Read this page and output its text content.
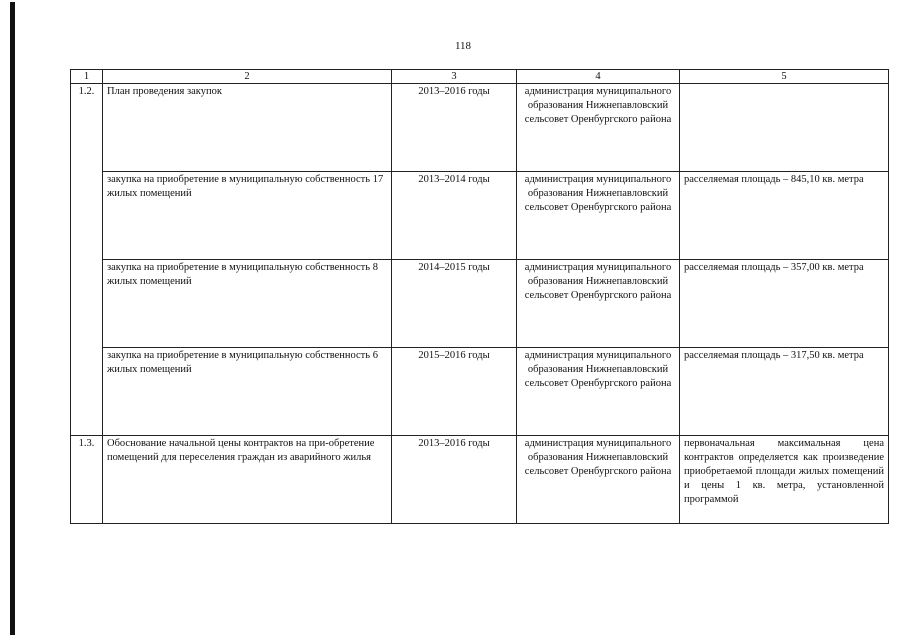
118
1	2	3	4	5
1.2.	План проведения закупок	2013–2016 годы	администрация муниципального образования Нижнепавловский сельсовет Оренбургского района	
	закупка на приобретение в муниципальную собственность 17 жилых помещений	2013–2014 годы	администрация муниципального образования Нижнепавловский сельсовет Оренбургского района	расселяемая площадь – 845,10 кв. метра
	закупка на приобретение в муниципальную собственность 8 жилых помещений	2014–2015 годы	администрация муниципального образования Нижнепавловский сельсовет Оренбургского района	расселяемая площадь – 357,00 кв. метра
	закупка на приобретение в муниципальную собственность 6 жилых помещений	2015–2016 годы	администрация муниципального образования Нижнепавловский сельсовет Оренбургского района	расселяемая площадь – 317,50 кв. метра
1.3.	Обоснование начальной цены контрактов на при-обретение помещений для переселения граждан из аварийного жилья	2013–2016 годы	администрация муниципального образования Нижнепавловский сельсовет Оренбургского района	первоначальная максимальная цена контрактов определяется как произведение приобретаемой площади жилых помещений и цены 1 кв. метра, установленной программой
